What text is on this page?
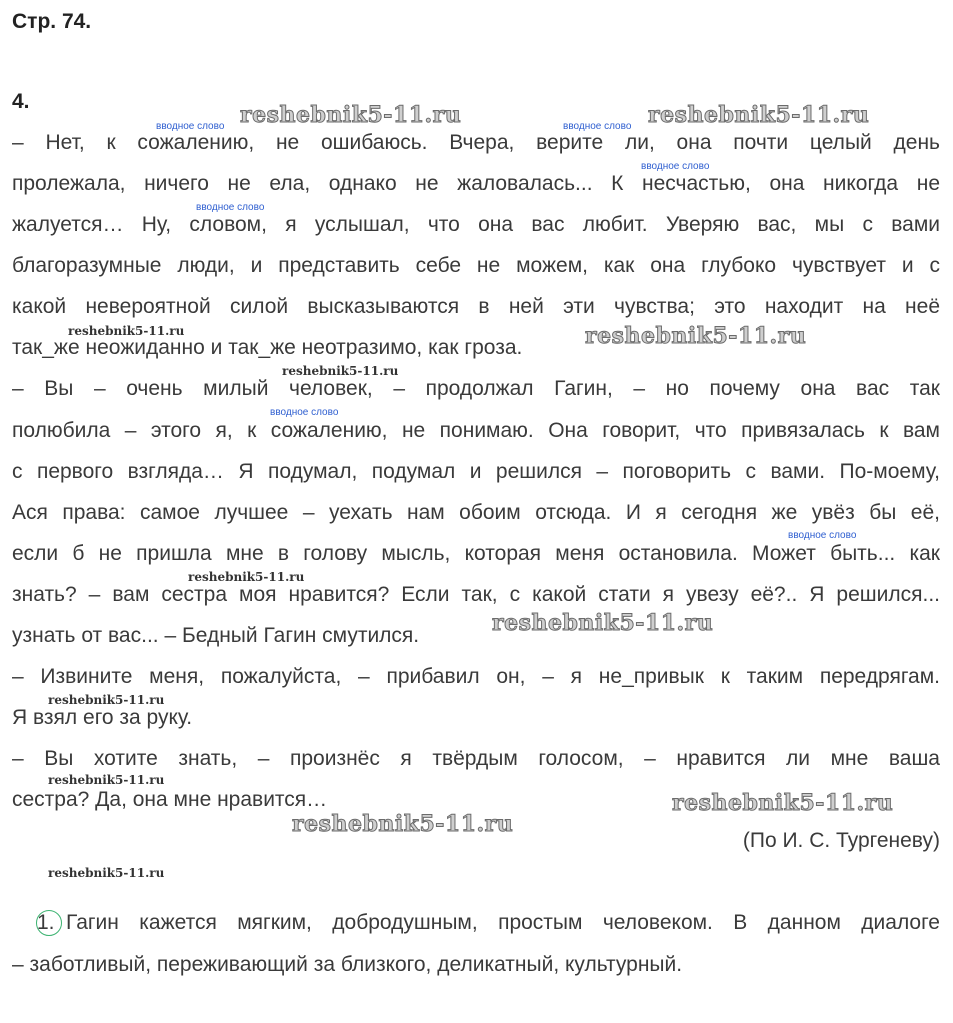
Стр. 74.
4.
reshebnik5-11.ru	reshebnik5-11.ru
reshebnik5-11.ru	reshebnik5-11.ru
reshebnik5-11.ru
reshebnik5-11.ru
reshebnik5-11.ru
reshebnik5-11.ru
reshebnik5-11.ru
reshebnik5-11.ru
reshebnik5-11.ru
reshebnik5-11.ru
вводное слово	вводное слово
вводное слово
вводное слово
вводное слово
вводное слово
– Нет, к сожалению, не ошибаюсь. Вчера, верите ли, она почти целый день
пролежала, ничего не ела, однако не жаловалась... К несчастью, она никогда не
жалуется… Ну, словом, я услышал, что она вас любит. Уверяю вас, мы с вами
благоразумные люди, и представить себе не можем, как она глубоко чувствует и с
какой невероятной силой высказываются в ней эти чувства; это находит на неё
так_же неожиданно и так_же неотразимо, как гроза.
– Вы – очень милый человек, – продолжал Гагин, – но почему она вас так
полюбила – этого я, к сожалению, не понимаю. Она говорит, что привязалась к вам
с первого взгляда… Я подумал, подумал и решился – поговорить с вами. По-моему,
Ася права: самое лучшее – уехать нам обоим отсюда. И я сегодня же увёз бы её,
если б не пришла мне в голову мысль, которая меня остановила. Может быть... как
знать? – вам сестра моя нравится? Если так, с какой стати я увезу её?.. Я решился...
узнать от вас... – Бедный Гагин смутился.
– Извините меня, пожалуйста, – прибавил он, – я не_привык к таким передрягам.
Я взял его за руку.
– Вы хотите знать, – произнёс я твёрдым голосом, – нравится ли мне ваша
сестра? Да, она мне нравится…
(По И. С. Тургеневу)
1. Гагин кажется мягким, добродушным, простым человеком. В данном диалоге
– заботливый, переживающий за близкого, деликатный, культурный.
